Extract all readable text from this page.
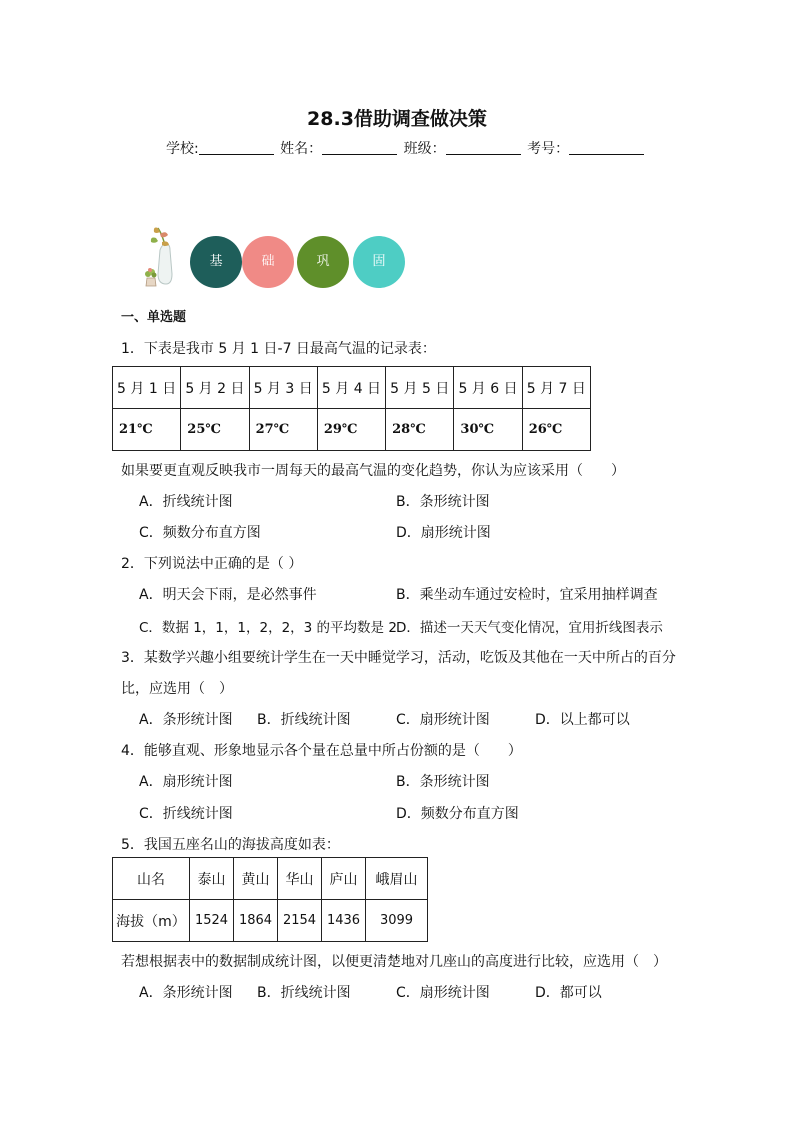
28.3借助调查做决策
学校:	姓名：	班级：	考号：
基	础	巩	固
一、单选题
1．下表是我市 5 月 1 日-7 日最高气温的记录表：
5 月 1 日	5 月 2 日	5 月 3 日	5 月 4 日	5 月 5 日	5 月 6 日	5 月 7 日
21℃	25℃	27℃	29℃	28℃	30℃	26℃
如果要更直观反映我市一周每天的最高气温的变化趋势，你认为应该采用（　　）
A．折线统计图	B．条形统计图
C．频数分布直方图	D．扇形统计图
2．下列说法中正确的是（ ）
A．明天会下雨，是必然事件	B．乘坐动车通过安检时，宜采用抽样调查
C．数据 1，1，1，2，2，3 的平均数是 2 D．描述一天天气变化情况，宜用折线图表示
3．某数学兴趣小组要统计学生在一天中睡觉学习，活动，吃饭及其他在一天中所占的百分
比，应选用（　）
A．条形统计图 B．折线统计图	C．扇形统计图	D．以上都可以
4．能够直观、形象地显示各个量在总量中所占份额的是（　　）
A．扇形统计图	B．条形统计图
C．折线统计图	D．频数分布直方图
5．我国五座名山的海拔高度如表：
山名	泰山	黄山	华山	庐山	峨眉山
海拔（m）	1524	1864	2154	1436	3099
若想根据表中的数据制成统计图，以便更清楚地对几座山的高度进行比较，应选用（　）
A．条形统计图 B．折线统计图	C．扇形统计图	D．都可以
